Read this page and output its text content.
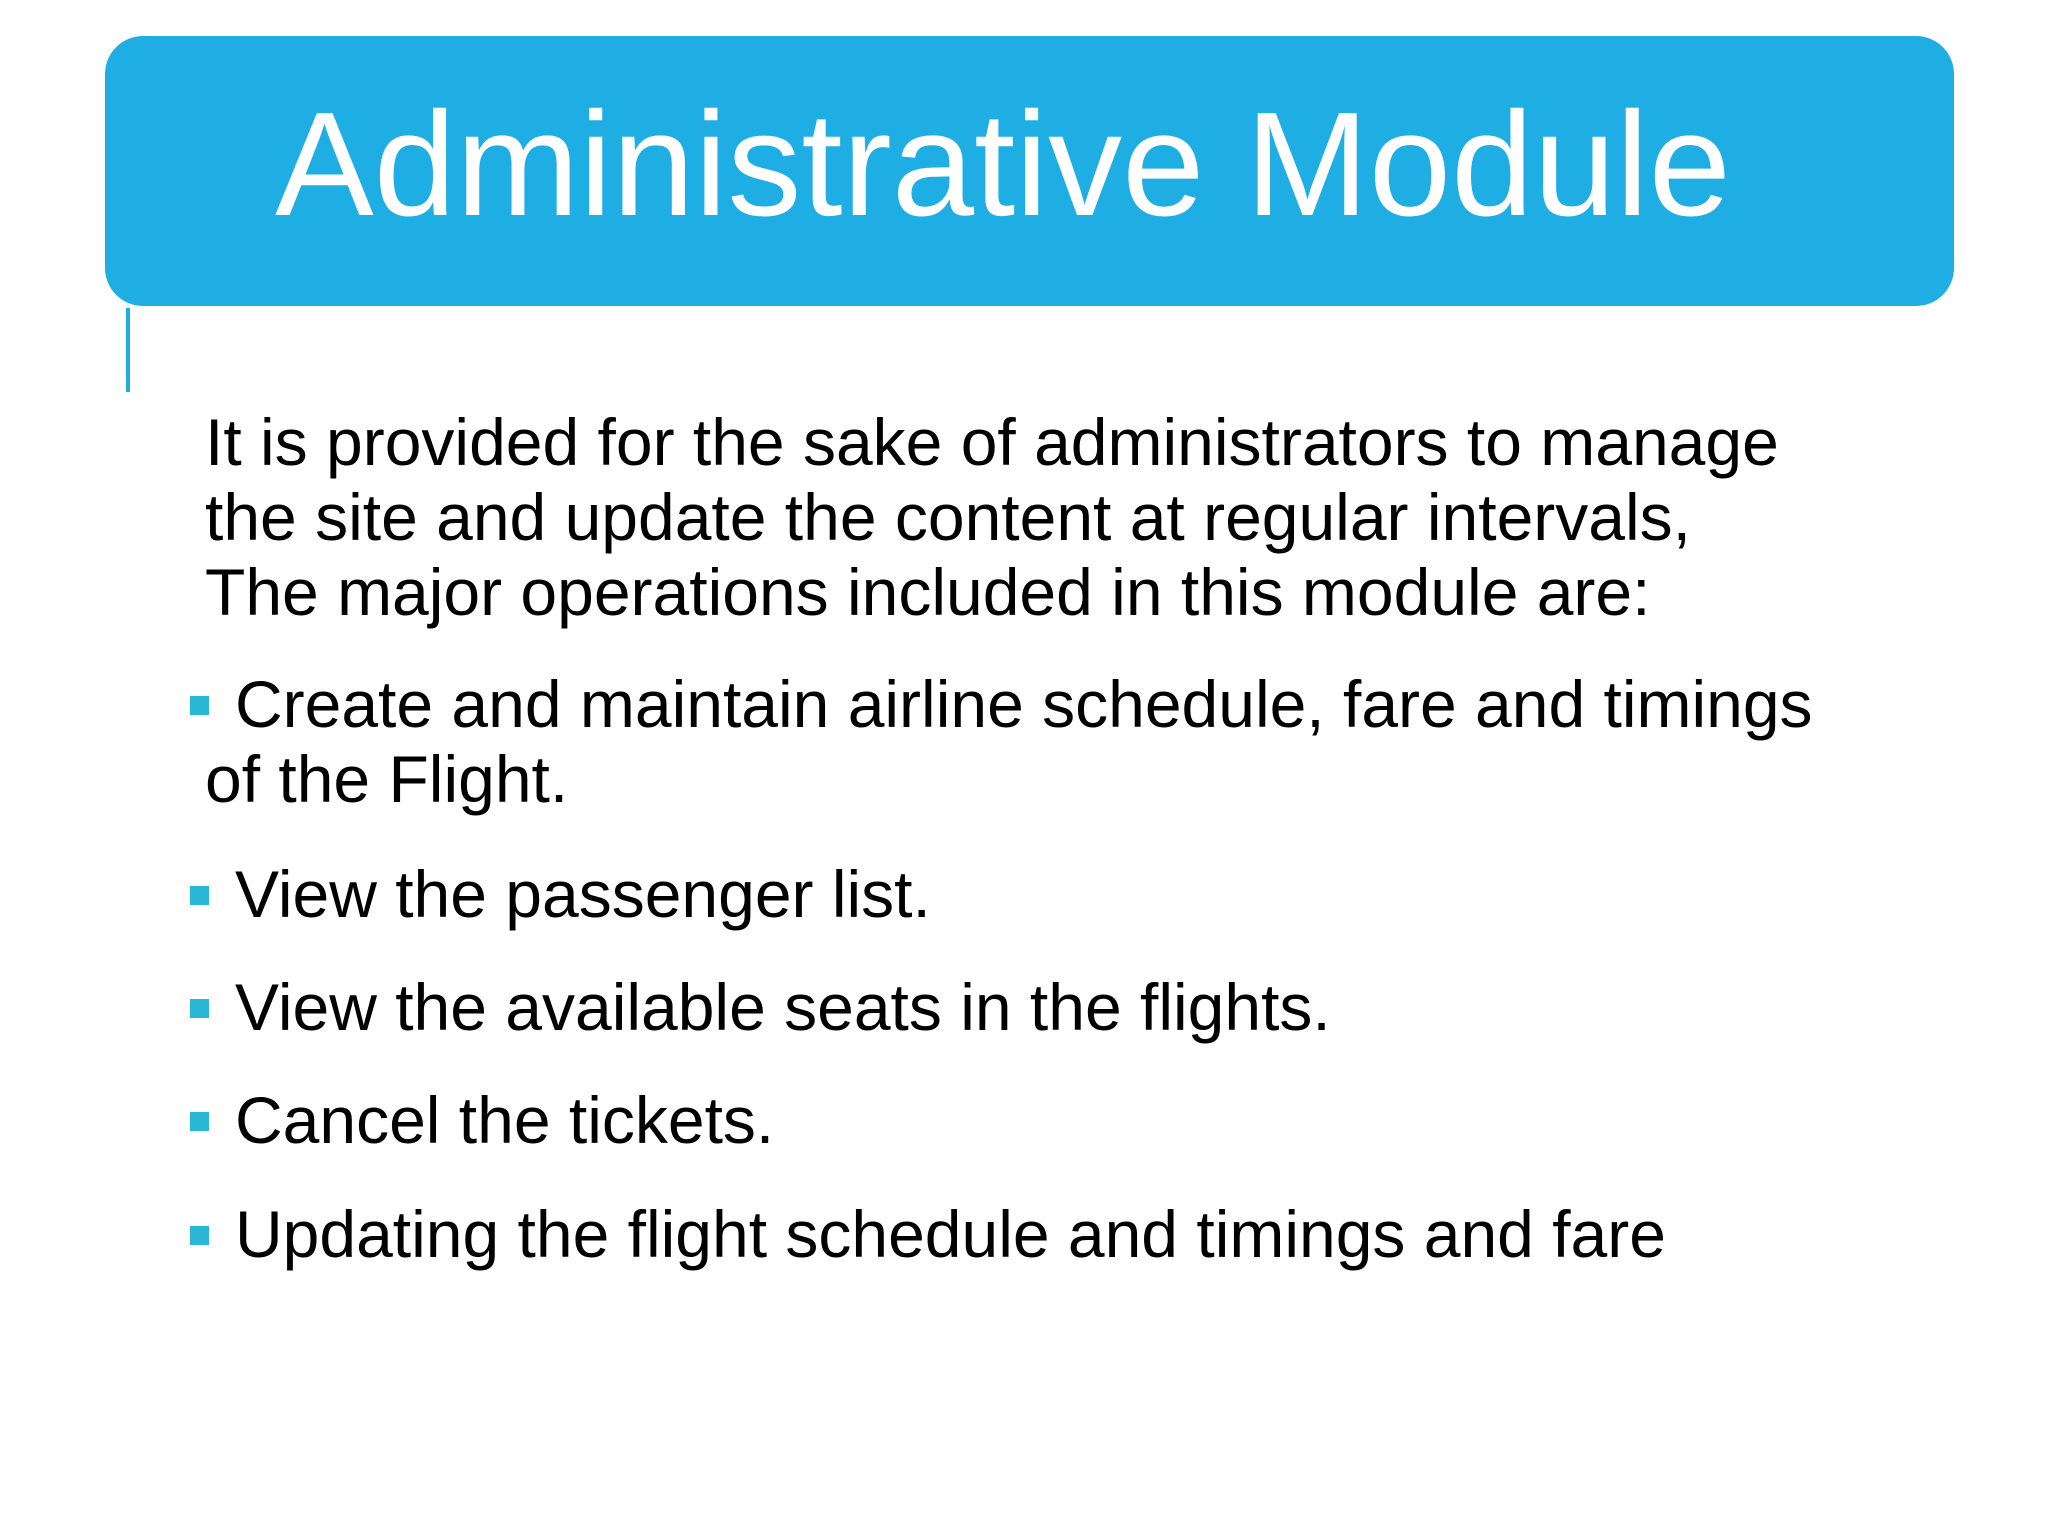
Administrative Module

It is provided for the sake of administrators to manage
the site and update the content at regular intervals,
The major operations included in this module are:

Create and maintain airline schedule, fare and timings
of the Flight.
View the passenger list.
View the available seats in the flights.
Cancel the tickets.
Updating the flight schedule and timings and fare
